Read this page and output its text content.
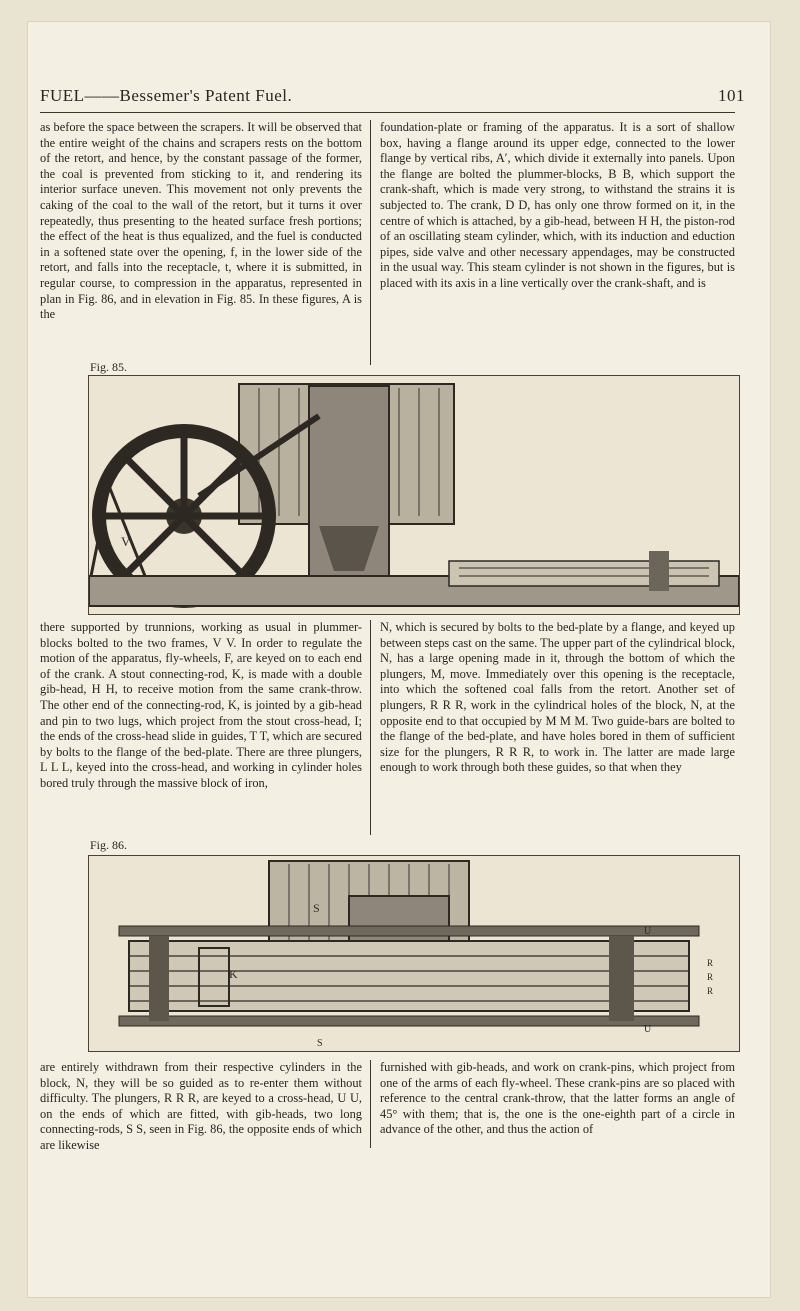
FUEL——Bessemer's Patent Fuel.	101

as before the space between the scrapers. It will be observed that the entire weight of the chains and scrapers rests on the bottom of the retort, and hence, by the constant passage of the former, the coal is prevented from sticking to it, and rendering its interior surface uneven. This movement not only prevents the caking of the coal to the wall of the retort, but it turns it over repeatedly, thus presenting to the heated surface fresh portions; the effect of the heat is thus equalized, and the fuel is conducted in a softened state over the opening, f, in the lower side of the retort, and falls into the receptacle, t, where it is submitted, in regular course, to compression in the apparatus, represented in plan in Fig. 86, and in elevation in Fig. 85. In these figures, A is the

foundation-plate or framing of the apparatus. It is a sort of shallow box, having a flange around its upper edge, connected to the lower flange by vertical ribs, A′, which divide it externally into panels. Upon the flange are bolted the plummer-blocks, B B, which support the crank-shaft, which is made very strong, to withstand the strains it is subjected to. The crank, D D, has only one throw formed on it, in the centre of which is attached, by a gib-head, between H H, the piston-rod of an oscillating steam cylinder, which, with its induction and eduction pipes, side valve and other necessary appendages, may be constructed in the usual way. This steam cylinder is not shown in the figures, but is placed with its axis in a line vertically over the crank-shaft, and is

Fig. 85.
V

there supported by trunnions, working as usual in plummer-blocks bolted to the two frames, V V. In order to regulate the motion of the apparatus, fly-wheels, F, are keyed on to each end of the crank. A stout connecting-rod, K, is made with a double gib-head, H H, to receive motion from the same crank-throw. The other end of the connecting-rod, K, is jointed by a gib-head and pin to two lugs, which project from the stout cross-head, I; the ends of the cross-head slide in guides, T T, which are secured by bolts to the flange of the bed-plate. There are three plungers, L L L, keyed into the cross-head, and working in cylinder holes bored truly through the massive block of iron,

N, which is secured by bolts to the bed-plate by a flange, and keyed up between steps cast on the same. The upper part of the cylindrical block, N, has a large opening made in it, through the bottom of which the plungers, M, move. Immediately over this opening is the receptacle, into which the softened coal falls from the retort. Another set of plungers, R R R, work in the cylindrical holes of the block, N, at the opposite end to that occupied by M M M. Two guide-bars are bolted to the flange of the bed-plate, and have holes bored in them of sufficient size for the plungers, R R R, to work in. The latter are made large enough to work through both these guides, so that when they

Fig. 86.
K
S
S
R
R
R
U
U

are entirely withdrawn from their respective cylinders in the block, N, they will be so guided as to re-enter them without difficulty. The plungers, R R R, are keyed to a cross-head, U U, on the ends of which are fitted, with gib-heads, two long connecting-rods, S S, seen in Fig. 86, the opposite ends of which are likewise

furnished with gib-heads, and work on crank-pins, which project from one of the arms of each fly-wheel. These crank-pins are so placed with reference to the central crank-throw, that the latter forms an angle of 45° with them; that is, the one is the one-eighth part of a circle in advance of the other, and thus the action of
